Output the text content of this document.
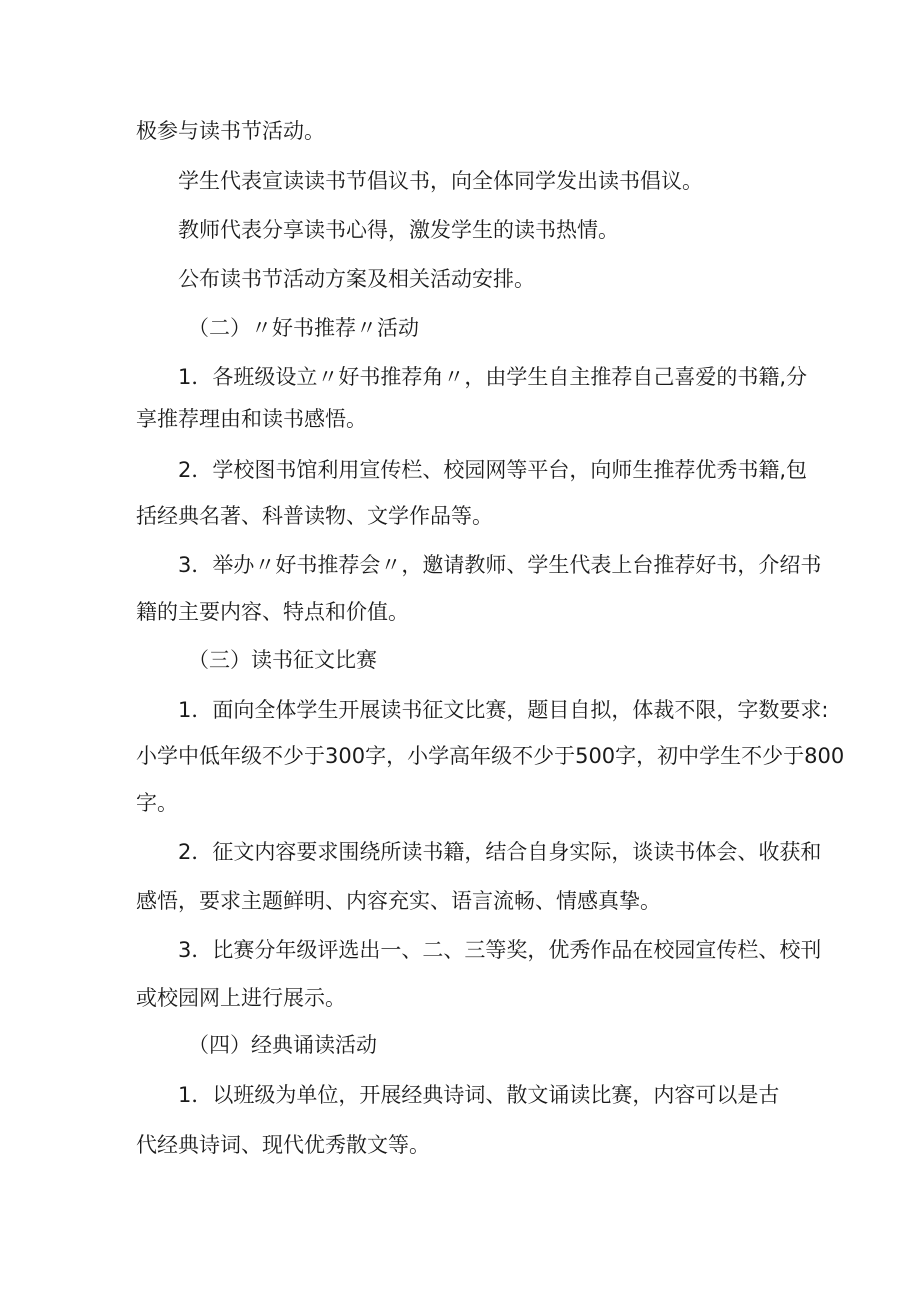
极参与读书节活动。

学生代表宣读读书节倡议书，向全体同学发出读书倡议。

教师代表分享读书心得，激发学生的读书热情。

公布读书节活动方案及相关活动安排。

（二）〃好书推荐〃活动

1．各班级设立〃好书推荐角〃，由学生自主推荐自己喜爱的书籍,分

享推荐理由和读书感悟。

2．学校图书馆利用宣传栏、校园网等平台，向师生推荐优秀书籍,包

括经典名著、科普读物、文学作品等。

3．举办〃好书推荐会〃，邀请教师、学生代表上台推荐好书，介绍书

籍的主要内容、特点和价值。

（三）读书征文比赛

1．面向全体学生开展读书征文比赛，题目自拟，体裁不限，字数要求:

小学中低年级不少于300字，小学高年级不少于500字，初中学生不少于800

字。

2．征文内容要求围绕所读书籍，结合自身实际，谈读书体会、收获和

感悟，要求主题鲜明、内容充实、语言流畅、情感真挚。

3．比赛分年级评选出一、二、三等奖，优秀作品在校园宣传栏、校刊

或校园网上进行展示。

（四）经典诵读活动

1．以班级为单位，开展经典诗词、散文诵读比赛，内容可以是古

代经典诗词、现代优秀散文等。
